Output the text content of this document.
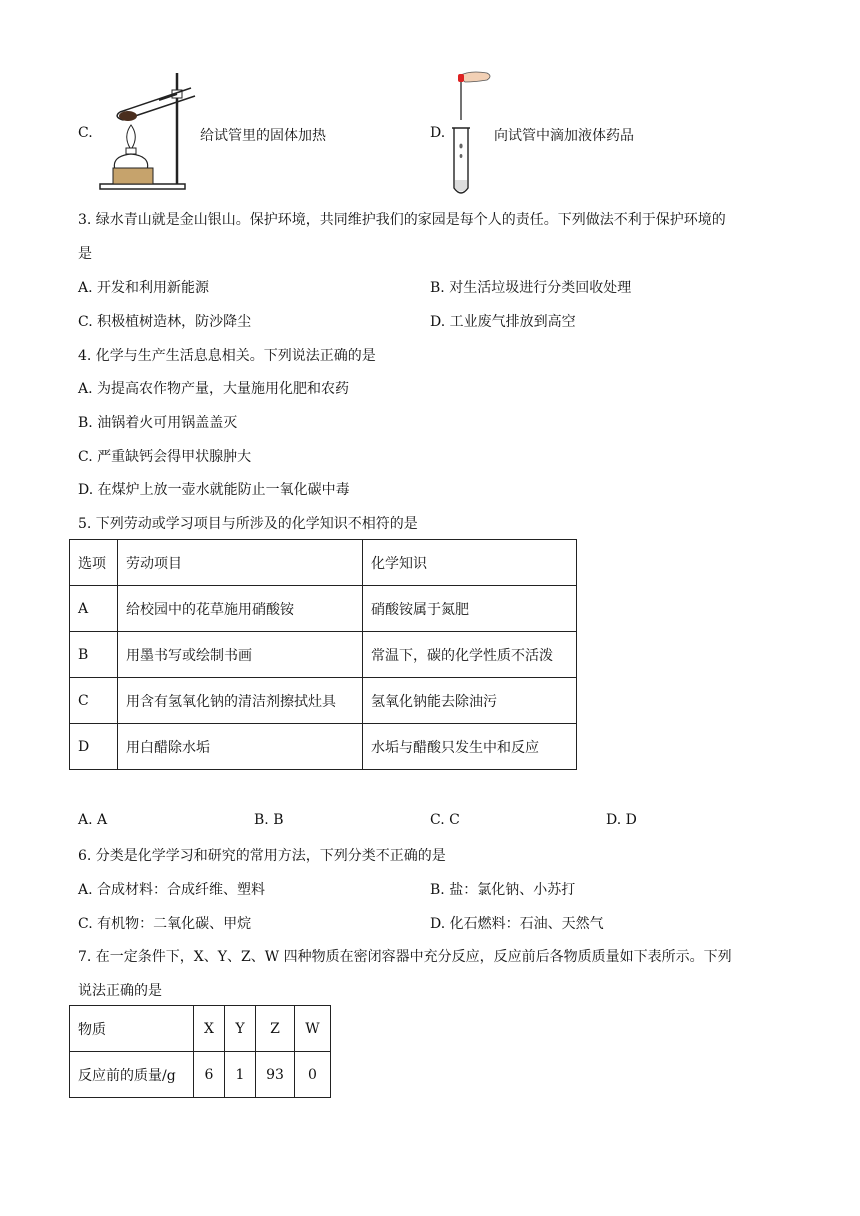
C.	给试管里的固体加热	D.	向试管中滴加液体药品
3. 绿水青山就是金山银山。保护环境，共同维护我们的家园是每个人的责任。下列做法不利于保护环境的
是
A. 开发和利用新能源	B. 对生活垃圾进行分类回收处理
C. 积极植树造林，防沙降尘	D. 工业废气排放到高空
4. 化学与生产生活息息相关。下列说法正确的是
A. 为提高农作物产量，大量施用化肥和农药
B. 油锅着火可用锅盖盖灭
C. 严重缺钙会得甲状腺肿大
D. 在煤炉上放一壶水就能防止一氧化碳中毒
5. 下列劳动或学习项目与所涉及的化学知识不相符的是
选项	劳动项目	化学知识
A	给校园中的花草施用硝酸铵	硝酸铵属于氮肥
B	用墨书写或绘制书画	常温下，碳的化学性质不活泼
C	用含有氢氧化钠的清洁剂擦拭灶具	氢氧化钠能去除油污
D	用白醋除水垢	水垢与醋酸只发生中和反应
A. A	B. B	C. C	D. D
6. 分类是化学学习和研究的常用方法，下列分类不正确的是
A. 合成材料：合成纤维、塑料	B. 盐：氯化钠、小苏打
C. 有机物：二氧化碳、甲烷	D. 化石燃料：石油、天然气
7. 在一定条件下，X、Y、Z、W 四种物质在密闭容器中充分反应，反应前后各物质质量如下表所示。下列
说法正确的是
物质	X	Y	Z	W
反应前的质量/g	6	1	93	0
